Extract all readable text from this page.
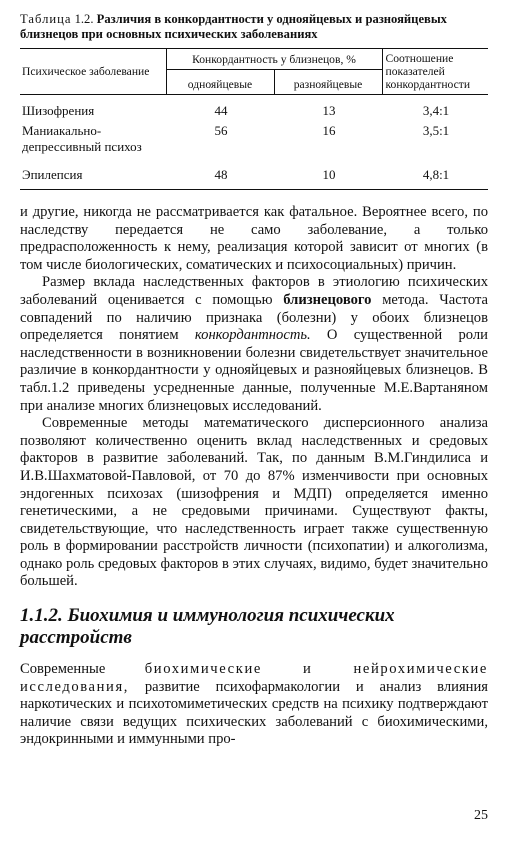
Таблица 1.2. Различия в конкордантности у однояйцевых и разнояйцевых близнецов при основных психических заболеваниях
Психическое заболевание	Конкордантность у близнецов, %		Соотношение показателей конкордантности
	однояйцевые	разнояйцевые	
Шизофрения	44	13	3,4:1
Маниакально-депрессивный психоз	56	16	3,5:1
Эпилепсия	48	10	4,8:1

и другие, никогда не рассматривается как фатальное. Вероятнее всего, по наследству передается не само заболевание, а только предрасположенность к нему, реализация которой зависит от многих (в том числе биологических, соматических и психосоциальных) причин.

Размер вклада наследственных факторов в этиологию психических заболеваний оценивается с помощью близнецового метода. Частота совпадений по наличию признака (болезни) у обоих близнецов определяется понятием конкордантность. О существенной роли наследственности в возникновении болезни свидетельствует значительное различие в конкордантности у однояйцевых и разнояйцевых близнецов. В табл.1.2 приведены усредненные данные, полученные М.Е.Вартаняном при анализе многих близнецовых исследований.

Современные методы математического дисперсионного анализа позволяют количественно оценить вклад наследственных и средовых факторов в развитие заболеваний. Так, по данным В.М.Гиндилиса и И.В.Шахматовой-Павловой, от 70 до 87% изменчивости при основных эндогенных психозах (шизофрения и МДП) определяется именно генетическими, а не средовыми причинами. Существуют факты, свидетельствующие, что наследственность играет также существенную роль в формировании расстройств личности (психопатии) и алкоголизма, однако роль средовых факторов в этих случаях, видимо, будет значительно большей.

1.1.2. Биохимия и иммунология психических расстройств

Современные биохимические и нейрохимические исследования, развитие психофармакологии и анализ влияния наркотических и психотомиметических средств на психику подтверждают наличие связи ведущих психических заболеваний с биохимическими, эндокринными и иммунными про-

25
